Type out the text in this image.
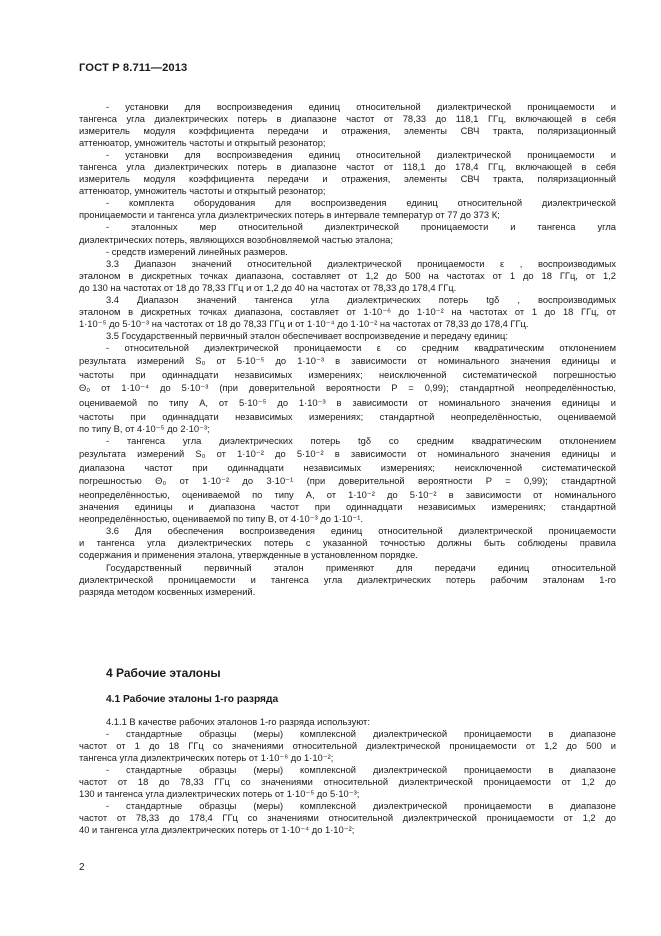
ГОСТ Р 8.711—2013
- установки для воспроизведения единиц относительной диэлектрической проницаемости и
тангенса угла диэлектрических потерь в диапазоне частот от 78,33 до 118,1 ГГц, включающей в себя
измеритель модуля коэффициента передачи и отражения, элементы СВЧ тракта, поляризационный
аттенюатор, умножитель частоты и открытый резонатор;
- установки для воспроизведения единиц относительной диэлектрической проницаемости и
тангенса угла диэлектрических потерь в диапазоне частот от 118,1 до 178,4 ГГц, включающей в себя
измеритель модуля коэффициента передачи и отражения, элементы СВЧ тракта, поляризационный
аттенюатор, умножитель частоты и открытый резонатор;
- комплекта оборудования для воспроизведения единиц относительной диэлектрической
проницаемости и тангенса угла диэлектрических потерь в интервале температур от 77 до 373 К;
- эталонных мер относительной диэлектрической проницаемости и тангенса угла
диэлектрических потерь, являющихся возобновляемой частью эталона;
- средств измерений линейных размеров.
3.3 Диапазон значений относительной диэлектрической проницаемости ε , воспроизводимых
эталоном в дискретных точках диапазона, составляет от 1,2 до 500 на частотах от 1 до 18 ГГц, от 1,2
до 130 на частотах от 18 до 78,33 ГГц и от 1,2 до 40 на частотах от 78,33 до 178,4 ГГц.
3.4 Диапазон значений тангенса угла диэлектрических потерь tgδ , воспроизводимых
эталоном в дискретных точках диапазона, составляет от 1·10⁻⁶ до 1·10⁻² на частотах от 1 до 18 ГГц, от
1·10⁻⁵ до 5·10⁻³ на частотах от 18 до 78,33 ГГц и от 1·10⁻⁴ до 1·10⁻² на частотах от 78,33 до 178,4 ГГц.
3.5 Государственный первичный эталон обеспечивает воспроизведение и передачу единиц:
- относительной диэлектрической проницаемости ε со средним квадратическим отклонением
результата измерений S₀ от 5·10⁻⁵ до 1·10⁻³ в зависимости от номинального значения единицы и
частоты при одиннадцати независимых измерениях; неисключенной систематической погрешностью
Θ₀ от 1·10⁻⁴ до 5·10⁻³ (при доверительной вероятности P = 0,99); стандартной неопределённостью,
оцениваемой по типу А, от 5·10⁻⁵ до 1·10⁻³ в зависимости от номинального значения единицы и
частоты при одиннадцати независимых измерениях; стандартной неопределённостью, оцениваемой
по типу В, от 4·10⁻⁵ до 2·10⁻³;
- тангенса угла диэлектрических потерь tgδ со средним квадратическим отклонением
результата измерений S₀ от 1·10⁻² до 5·10⁻² в зависимости от номинального значения единицы и
диапазона частот при одиннадцати независимых измерениях; неисключенной систематической
погрешностью Θ₀ от 1·10⁻² до 3·10⁻¹ (при доверительной вероятности P = 0,99); стандартной
неопределённостью, оцениваемой по типу А, от 1·10⁻² до 5·10⁻² в зависимости от номинального
значения единицы и диапазона частот при одиннадцати независимых измерениях; стандартной
неопределённостью, оцениваемой по типу В, от 4·10⁻³ до 1·10⁻¹.
3.6 Для обеспечения воспроизведения единиц относительной диэлектрической проницаемости
и тангенса угла диэлектрических потерь с указанной точностью должны быть соблюдены правила
содержания и применения эталона, утвержденные в установленном порядке.
Государственный первичный эталон применяют для передачи единиц относительной
диэлектрической проницаемости и тангенса угла диэлектрических потерь рабочим эталонам 1-го
разряда методом косвенных измерений.
4 Рабочие эталоны
4.1 Рабочие эталоны 1-го разряда
4.1.1 В качестве рабочих эталонов 1-го разряда используют:
- стандартные образцы (меры) комплексной диэлектрической проницаемости в диапазоне
частот от 1 до 18 ГГц со значениями относительной диэлектрической проницаемости от 1,2 до 500 и
тангенса угла диэлектрических потерь от 1·10⁻⁶ до 1·10⁻²;
- стандартные образцы (меры) комплексной диэлектрической проницаемости в диапазоне
частот от 18 до 78,33 ГГц со значениями относительной диэлектрической проницаемости от 1,2 до
130 и тангенса угла диэлектрических потерь от 1·10⁻⁵ до 5·10⁻³;
- стандартные образцы (меры) комплексной диэлектрической проницаемости в диапазоне
частот от 78,33 до 178,4 ГГц со значениями относительной диэлектрической проницаемости от 1,2 до
40 и тангенса угла диэлектрических потерь от 1·10⁻⁴ до 1·10⁻²;
2
